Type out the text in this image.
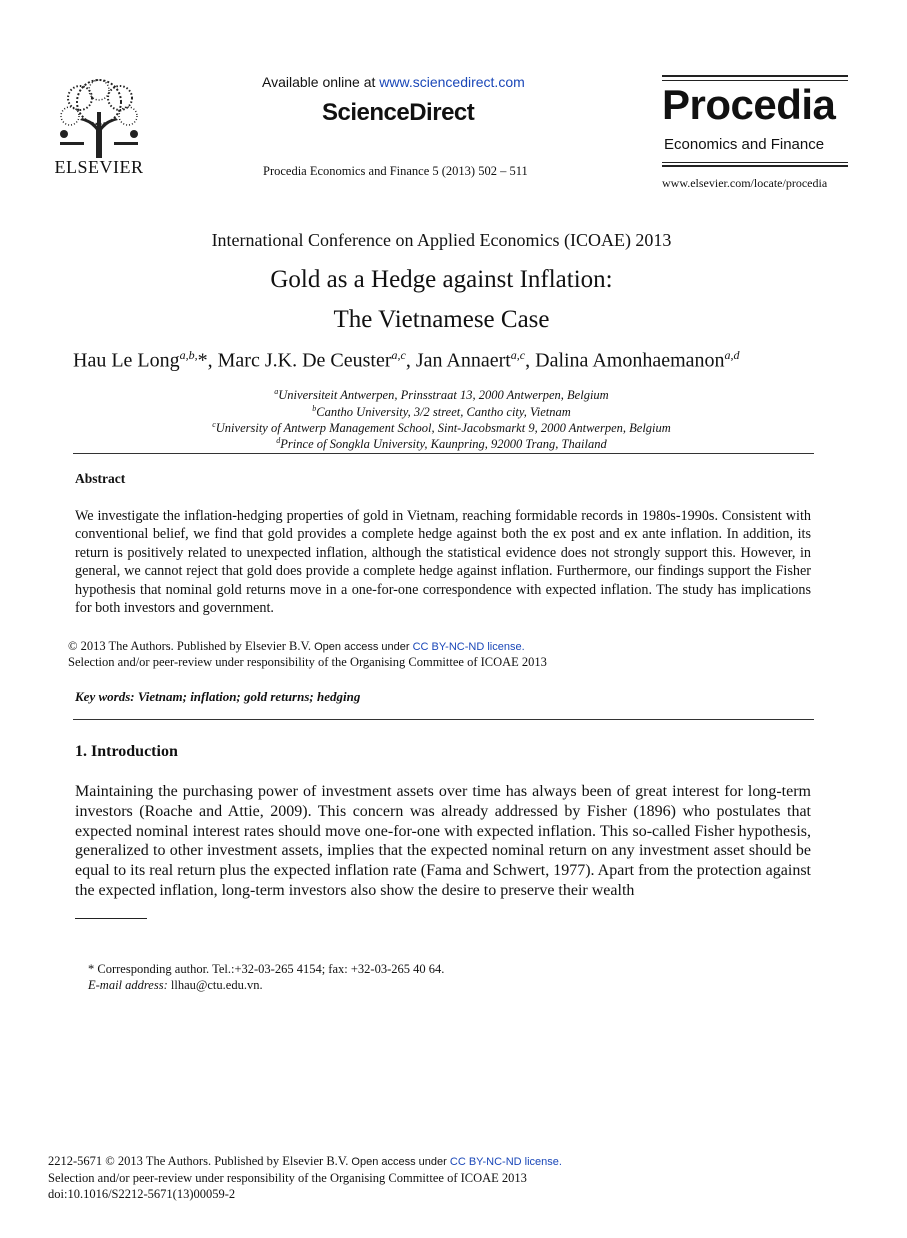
ELSEVIER
Available online at www.sciencedirect.com
ScienceDirect
Procedia Economics and Finance 5 (2013) 502 – 511
Procedia
Economics and Finance
www.elsevier.com/locate/procedia
International Conference on Applied Economics (ICOAE) 2013
Gold as a Hedge against Inflation:
The Vietnamese Case
Hau Le Long$^{a,b,}$*, Marc J.K. De Ceuster$^{a,c}$, Jan Annaert$^{a,c}$, Dalina Amonhaemanon$^{a,d}$
$^a$Universiteit Antwerpen, Prinsstraat 13, 2000 Antwerpen, Belgium
$^b$Cantho University, 3/2 street, Cantho city, Vietnam
$^c$University of Antwerp Management School, Sint-Jacobsmarkt 9, 2000 Antwerpen, Belgium
$^d$Prince of Songkla University, Kaunpring, 92000 Trang, Thailand
Abstract
We investigate the inflation-hedging properties of gold in Vietnam, reaching formidable records in 1980s-1990s. Consistent with conventional belief, we find that gold provides a complete hedge against both the ex post and ex ante inflation. In addition, its return is positively related to unexpected inflation, although the statistical evidence does not strongly support this. However, in general, we cannot reject that gold does provide a complete hedge against inflation. Furthermore, our findings support the Fisher hypothesis that nominal gold returns move in a one-for-one correspondence with expected inflation. The study has implications for both investors and government.
© 2013 The Authors. Published by Elsevier B.V. Open access under CC BY-NC-ND license.
Selection and/or peer-review under responsibility of the Organising Committee of ICOAE 2013
Key words: Vietnam; inflation; gold returns; hedging
1. Introduction
Maintaining the purchasing power of investment assets over time has always been of great interest for long-term investors (Roache and Attie, 2009). This concern was already addressed by Fisher (1896) who postulates that expected nominal interest rates should move one-for-one with expected inflation. This so-called Fisher hypothesis, generalized to other investment assets, implies that the expected nominal return on any investment asset should be equal to its real return plus the expected inflation rate (Fama and Schwert, 1977). Apart from the protection against the expected inflation, long-term investors also show the desire to preserve their wealth
* Corresponding author. Tel.:+32-03-265 4154; fax: +32-03-265 40 64.
E-mail address: llhau@ctu.edu.vn.
2212-5671 © 2013 The Authors. Published by Elsevier B.V. Open access under CC BY-NC-ND license.
Selection and/or peer-review under responsibility of the Organising Committee of ICOAE 2013
doi:10.1016/S2212-5671(13)00059-2
